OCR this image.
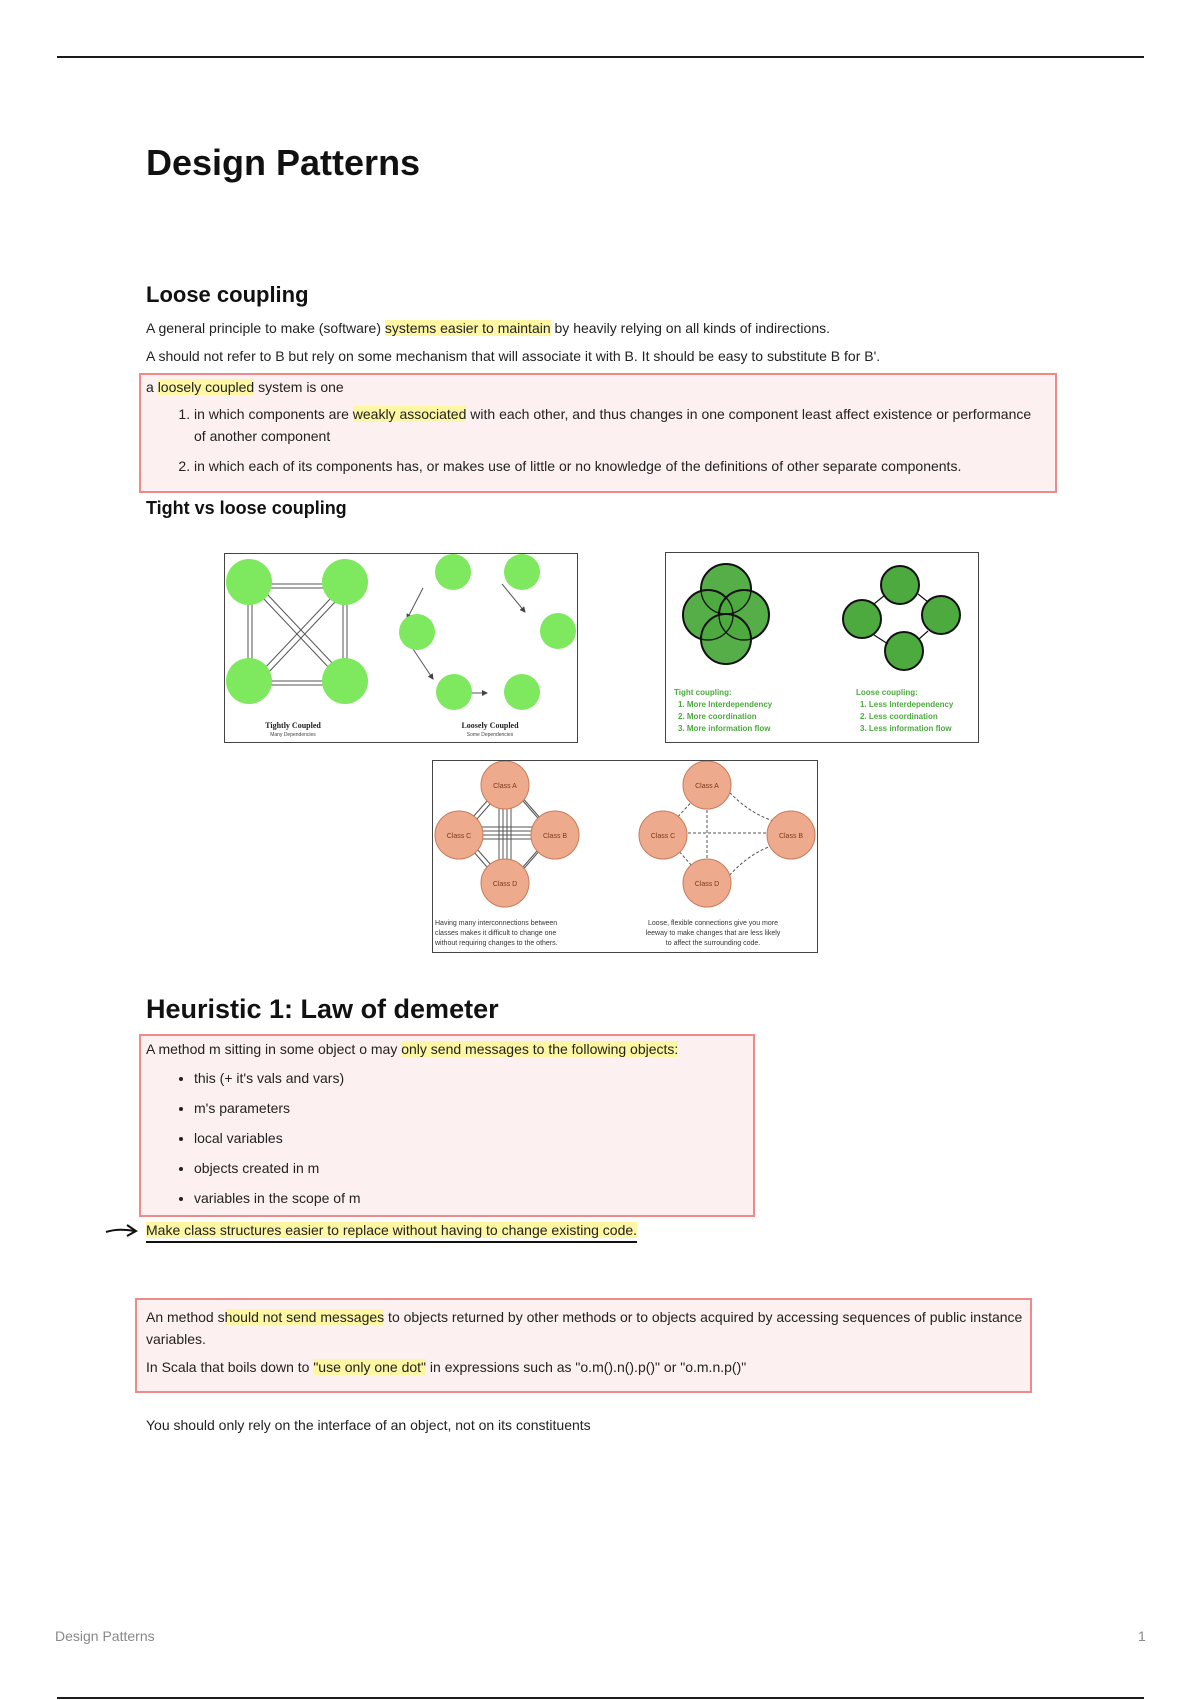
Design Patterns
Loose coupling
A general principle to make (software) systems easier to maintain by heavily relying on all kinds of indirections.
A should not refer to B but rely on some mechanism that will associate it with B. It should be easy to substitute B for B'.
a loosely coupled system is one
1. in which components are weakly associated with each other, and thus changes in one component least affect existence or performance of another component
2. in which each of its components has, or makes use of little or no knowledge of the definitions of other separate components.
Tight vs loose coupling
Tightly Coupled
Many Dependencies
Loosely Coupled
Some Dependencies
Tight coupling:
1. More Interdependency
2. More coordination
3. More information flow
Loose coupling:
1. Less Interdependency
2. Less coordination
3. Less information flow
Class A
Class C	Class B
Class D
Class A
Class C	Class B
Class D
Having many interconnections between
classes makes it difficult to change one
without requiring changes to the others.
Loose, flexible connections give you more
leeway to make changes that are less likely
to affect the surrounding code.
Heuristic 1: Law of demeter
A method m sitting in some object o may only send messages to the following objects:
• this (+ it's vals and vars)
• m's parameters
• local variables
• objects created in m
• variables in the scope of m
Make class structures easier to replace without having to change existing code.
An method should not send messages to objects returned by other methods or to objects acquired by accessing sequences of public instance variables.
In Scala that boils down to "use only one dot" in expressions such as "o.m().n().p()" or "o.m.n.p()"
You should only rely on the interface of an object, not on its constituents
Design Patterns	1
